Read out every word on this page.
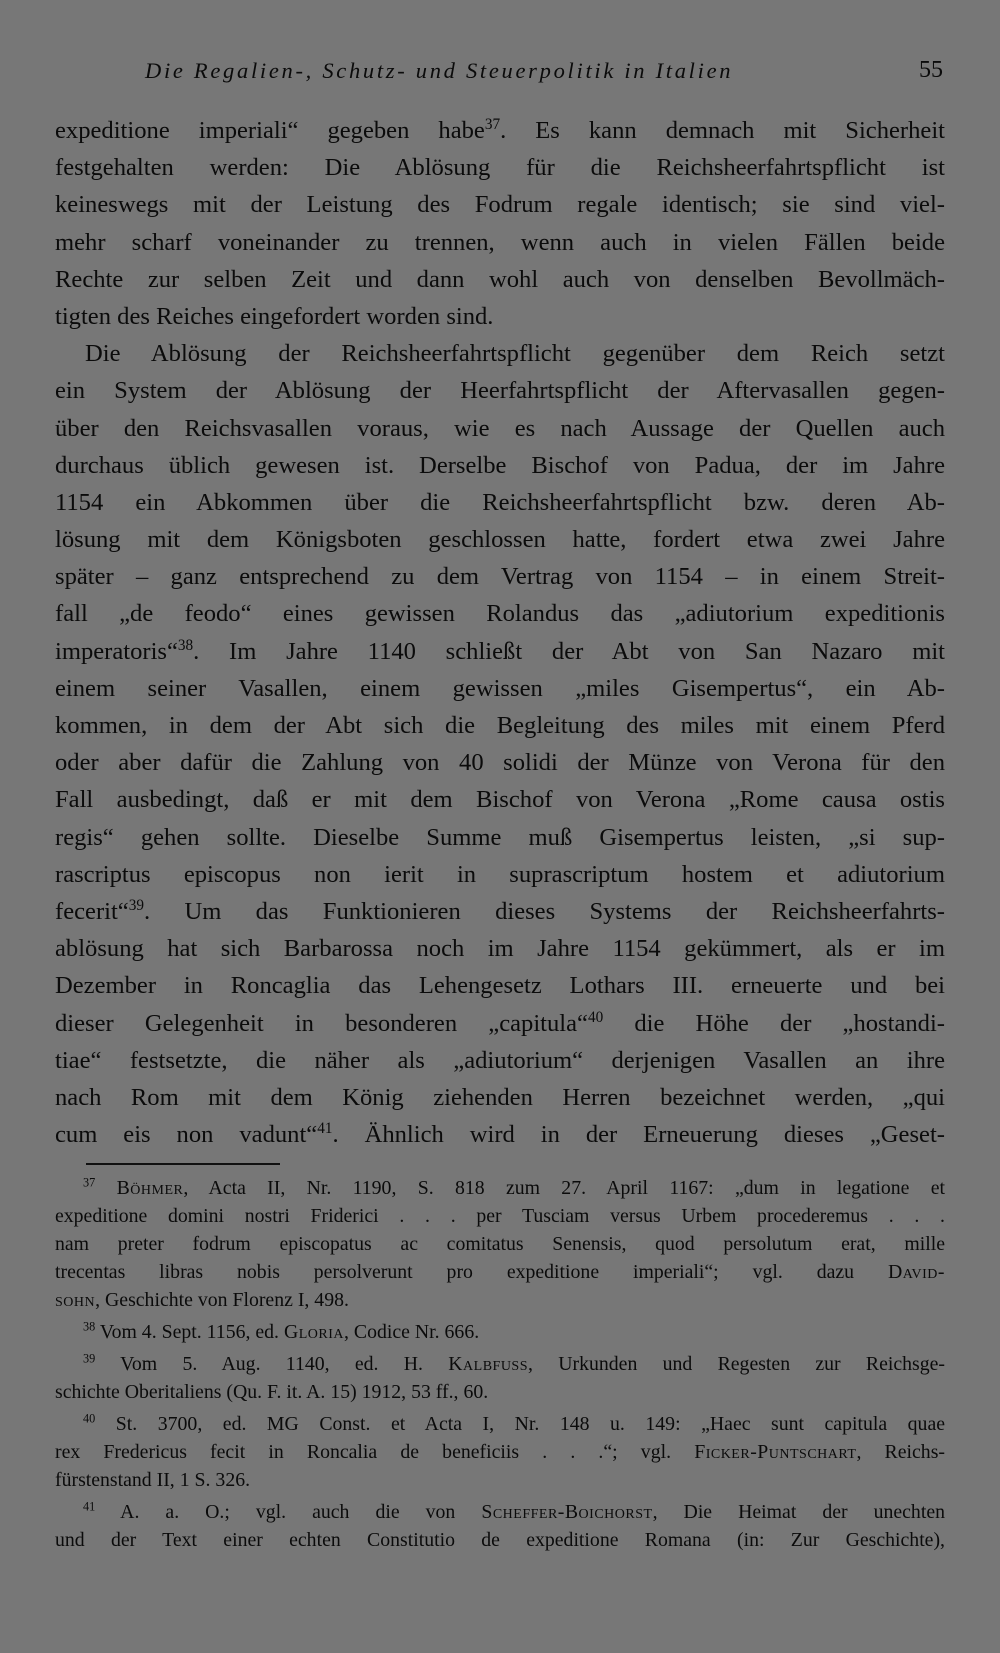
Die Regalien-, Schutz- und Steuerpolitik in Italien	55
expeditione imperiali“ gegeben habe$^{37}$. Es kann demnach mit Sicherheit
festgehalten werden: Die Ablösung für die Reichsheerfahrtspflicht ist
keineswegs mit der Leistung des Fodrum regale identisch; sie sind viel-
mehr scharf voneinander zu trennen, wenn auch in vielen Fällen beide
Rechte zur selben Zeit und dann wohl auch von denselben Bevollmäch-
tigten des Reiches eingefordert worden sind.
Die Ablösung der Reichsheerfahrtspflicht gegenüber dem Reich setzt
ein System der Ablösung der Heerfahrtspflicht der Aftervasallen gegen-
über den Reichsvasallen voraus, wie es nach Aussage der Quellen auch
durchaus üblich gewesen ist. Derselbe Bischof von Padua, der im Jahre
1154 ein Abkommen über die Reichsheerfahrtspflicht bzw. deren Ab-
lösung mit dem Königsboten geschlossen hatte, fordert etwa zwei Jahre
später – ganz entsprechend zu dem Vertrag von 1154 – in einem Streit-
fall „de feodo“ eines gewissen Rolandus das „adiutorium expeditionis
imperatoris“$^{38}$. Im Jahre 1140 schließt der Abt von San Nazaro mit
einem seiner Vasallen, einem gewissen „miles Gisempertus“, ein Ab-
kommen, in dem der Abt sich die Begleitung des miles mit einem Pferd
oder aber dafür die Zahlung von 40 solidi der Münze von Verona für den
Fall ausbedingt, daß er mit dem Bischof von Verona „Rome causa ostis
regis“ gehen sollte. Dieselbe Summe muß Gisempertus leisten, „si sup-
rascriptus episcopus non ierit in suprascriptum hostem et adiutorium
fecerit“$^{39}$. Um das Funktionieren dieses Systems der Reichsheerfahrts-
ablösung hat sich Barbarossa noch im Jahre 1154 gekümmert, als er im
Dezember in Roncaglia das Lehengesetz Lothars III. erneuerte und bei
dieser Gelegenheit in besonderen „capitula“$^{40}$ die Höhe der „hostandi-
tiae“ festsetzte, die näher als „adiutorium“ derjenigen Vasallen an ihre
nach Rom mit dem König ziehenden Herren bezeichnet werden, „qui
cum eis non vadunt“$^{41}$. Ähnlich wird in der Erneuerung dieses „Geset-
$^{37}$ Böhmer, Acta II, Nr. 1190, S. 818 zum 27. April 1167: „dum in legatione et
expeditione domini nostri Friderici . . . per Tusciam versus Urbem procederemus . . .
nam preter fodrum episcopatus ac comitatus Senensis, quod persolutum erat, mille
trecentas libras nobis persolverunt pro expeditione imperiali“; vgl. dazu David-
sohn, Geschichte von Florenz I, 498.
$^{38}$ Vom 4. Sept. 1156, ed. Gloria, Codice Nr. 666.
$^{39}$ Vom 5. Aug. 1140, ed. H. Kalbfuss, Urkunden und Regesten zur Reichsge-
schichte Oberitaliens (Qu. F. it. A. 15) 1912, 53 ff., 60.
$^{40}$ St. 3700, ed. MG Const. et Acta I, Nr. 148 u. 149: „Haec sunt capitula quae
rex Fredericus fecit in Roncalia de beneficiis . . .“; vgl. Ficker-Puntschart, Reichs-
fürstenstand II, 1 S. 326.
$^{41}$ A. a. O.; vgl. auch die von Scheffer-Boichorst, Die Heimat der unechten
und der Text einer echten Constitutio de expeditione Romana (in: Zur Geschichte),
